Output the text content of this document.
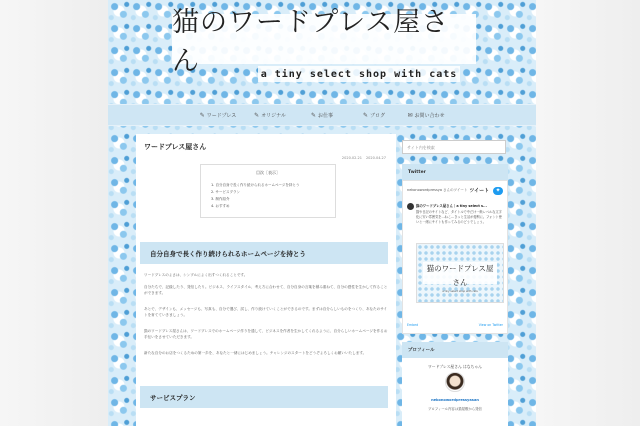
猫のワードプレス屋さん	a tiny select shop with cats
✎ ワードプレス	✎ オリジナル	✎ お仕事	✎ ブログ	✉ お問い合わせ
ワードプレス屋さん
2020.02.21 2020.04.27
目次［表示］
1. 自分自身で長く作り続けられるホームページを持とう
2. サービスプラン
3. 制作紹介
4. おすすめ
自分自身で長く作り続けられるホームページを持とう
ワードプレスのよさは、シンプルによく出すつくれることです。
自分たちで、記録したり、発信したり。ビジネス、ライフスタイル、考え方に合わせて、自分自身の言葉を積み重ねて、自分の感性を生かして作ることができます。
あとで、デザインも、メッセージも、写真も、自分で選び、試し、作り続けていくことができるのです。まずは自分らしいものをつくり、あなたのサイトを育てていきましょう。
猫のワードプレス屋さんは、ワードプレスでのホームページ作りを通して、ビジネスを作者を生かしてくれるように、自分らしいホームページを作るお手伝いをさせていただきます。
新たな自分のお店をつくるための第一歩を、あなたと一緒にはじめましょう。チャレンジのスタートをどうぞよろしくお願いいたします。
サービスプラン
サイト内を検索
Twitter
nekonowordpressya さんのツイート ツイート	✦
猫のワードプレス屋さん｜a tiny select s...
猫や日記のサイトなど、タイトルで中だけ一般レベルな文字化に安い雰囲気を…ねこ…きっと生活が便利に。フォント使いと一緒にサイトも作ってみるのどうでしょう。
猫のワードプレス屋さん
a tiny select shop with cats
Embed	View on Twitter
プロフィール
ワードプレス屋さん はなちゃん
nekonowordpressyasan
プロフィール内容は猫屋敷から発信
